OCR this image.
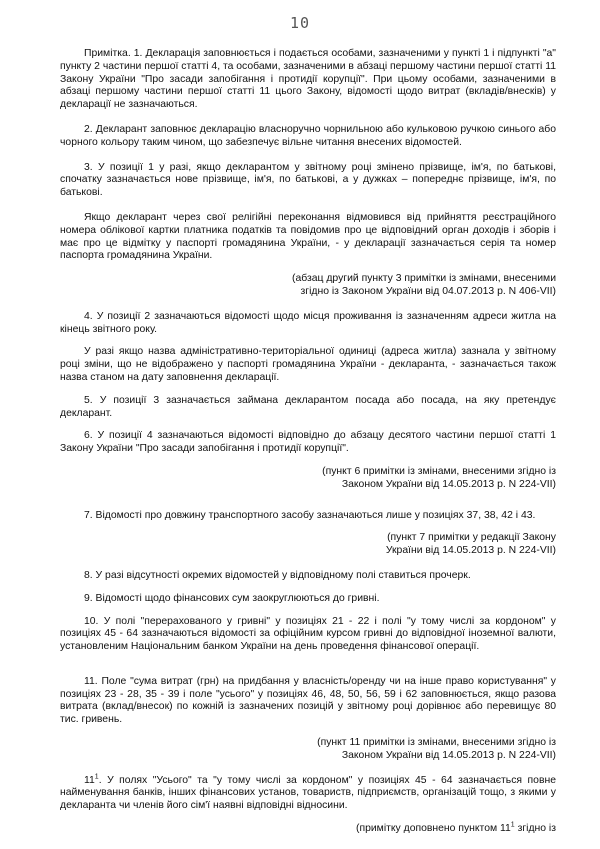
10

Примітка. 1. Декларація заповнюється і подається особами, зазначеними у пункті 1 і підпункті "а" пункту 2 частини першої статті 4, та особами, зазначеними в абзаці першому частини першої статті 11 Закону України "Про засади запобігання і протидії корупції". При цьому особами, зазначеними в абзаці першому частини першої статті 11 цього Закону, відомості щодо витрат (вкладів/внесків) у декларації не зазначаються.

2. Декларант заповнює декларацію власноручно чорнильною або кульковою ручкою синього або чорного кольору таким чином, що забезпечує вільне читання внесених відомостей.

3. У позиції 1 у разі, якщо декларантом у звітному році змінено прізвище, ім'я, по батькові, спочатку зазначається нове прізвище, ім'я, по батькові, а у дужках – попереднє прізвище, ім'я, по батькові.

Якщо декларант через свої релігійні переконання відмовився від прийняття реєстраційного номера облікової картки платника податків та повідомив про це відповідний орган доходів і зборів і має про це відмітку у паспорті громадянина України, - у декларації зазначається серія та номер паспорта громадянина України.

(абзац другий пункту 3 примітки із змінами, внесеними
згідно із Законом України від 04.07.2013 р. N 406-VII)

4. У позиції 2 зазначаються відомості щодо місця проживання із зазначенням адреси житла на кінець звітного року.

У разі якщо назва адміністративно-територіальної одиниці (адреса житла) зазнала у звітному році зміни, що не відображено у паспорті громадянина України - декларанта, - зазначається також назва станом на дату заповнення декларації.

5. У позиції 3 зазначається займана декларантом посада або посада, на яку претендує декларант.

6. У позиції 4 зазначаються відомості відповідно до абзацу десятого частини першої статті 1 Закону України "Про засади запобігання і протидії корупції".

(пункт 6 примітки із змінами, внесеними згідно із
Законом України від 14.05.2013 р. N 224-VII)

7. Відомості про довжину транспортного засобу зазначаються лише у позиціях 37, 38, 42 і 43.

(пункт 7 примітки у редакції Закону
України від 14.05.2013 р. N 224-VII)

8. У разі відсутності окремих відомостей у відповідному полі ставиться прочерк.

9. Відомості щодо фінансових сум заокруглюються до гривні.

10. У полі "перерахованого у гривні" у позиціях 21 - 22 і полі "у тому числі за кордоном" у позиціях 45 - 64 зазначаються відомості за офіційним курсом гривні до відповідної іноземної валюти, установленим Національним банком України на день проведення фінансової операції.

11. Поле "сума витрат (грн) на придбання у власність/оренду чи на інше право користування" у позиціях 23 - 28, 35 - 39 і поле "усього" у позиціях 46, 48, 50, 56, 59 і 62 заповнюється, якщо разова витрата (вклад/внесок) по кожній із зазначених позицій у звітному році дорівнює або перевищує 80 тис. гривень.

(пункт 11 примітки із змінами, внесеними згідно із
Законом України від 14.05.2013 р. N 224-VII)

$11^1$. У полях "Усього" та "у тому числі за кордоном" у позиціях 45 - 64 зазначається повне найменування банків, інших фінансових установ, товариств, підприємств, організацій тощо, з якими у декларанта чи членів його сім'ї наявні відповідні відносини.

(примітку доповнено пунктом $11^1$ згідно із
